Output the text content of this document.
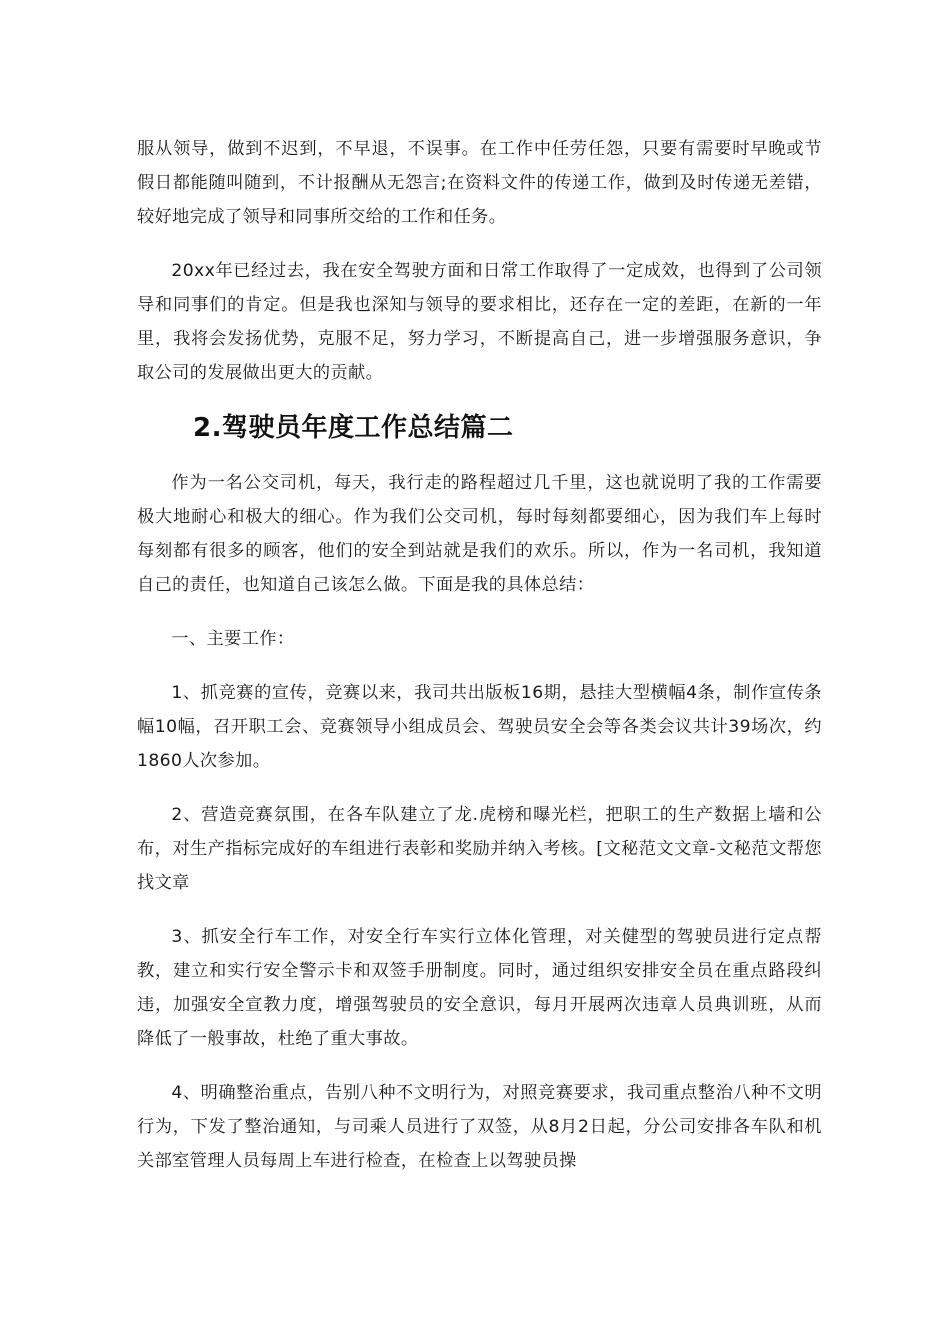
服从领导，做到不迟到，不早退，不误事。在工作中任劳任怨，只要有需要时早晚或节假日都能随叫随到，不计报酬从无怨言;在资料文件的传递工作，做到及时传递无差错，较好地完成了领导和同事所交给的工作和任务。

20xx年已经过去，我在安全驾驶方面和日常工作取得了一定成效，也得到了公司领导和同事们的肯定。但是我也深知与领导的要求相比，还存在一定的差距，在新的一年里，我将会发扬优势，克服不足，努力学习，不断提高自己，进一步增强服务意识，争取公司的发展做出更大的贡献。

2.驾驶员年度工作总结篇二

作为一名公交司机，每天，我行走的路程超过几千里，这也就说明了我的工作需要极大地耐心和极大的细心。作为我们公交司机，每时每刻都要细心，因为我们车上每时每刻都有很多的顾客，他们的安全到站就是我们的欢乐。所以，作为一名司机，我知道自己的责任，也知道自己该怎么做。下面是我的具体总结：

一、主要工作：

1、抓竞赛的宣传，竞赛以来，我司共出版板16期，悬挂大型横幅4条，制作宣传条幅10幅，召开职工会、竞赛领导小组成员会、驾驶员安全会等各类会议共计39场次，约1860人次参加。

2、营造竞赛氛围，在各车队建立了龙.虎榜和曝光栏，把职工的生产数据上墙和公布，对生产指标完成好的车组进行表彰和奖励并纳入考核。[文秘范文文章-文秘范文帮您找文章

3、抓安全行车工作，对安全行车实行立体化管理，对关健型的驾驶员进行定点帮教，建立和实行安全警示卡和双签手册制度。同时，通过组织安排安全员在重点路段纠违，加强安全宣教力度，增强驾驶员的安全意识，每月开展两次违章人员典训班，从而降低了一般事故，杜绝了重大事故。

4、明确整治重点，告别八种不文明行为，对照竞赛要求，我司重点整治八种不文明行为，下发了整治通知，与司乘人员进行了双签，从8月2日起，分公司安排各车队和机关部室管理人员每周上车进行检查，在检查上以驾驶员操
